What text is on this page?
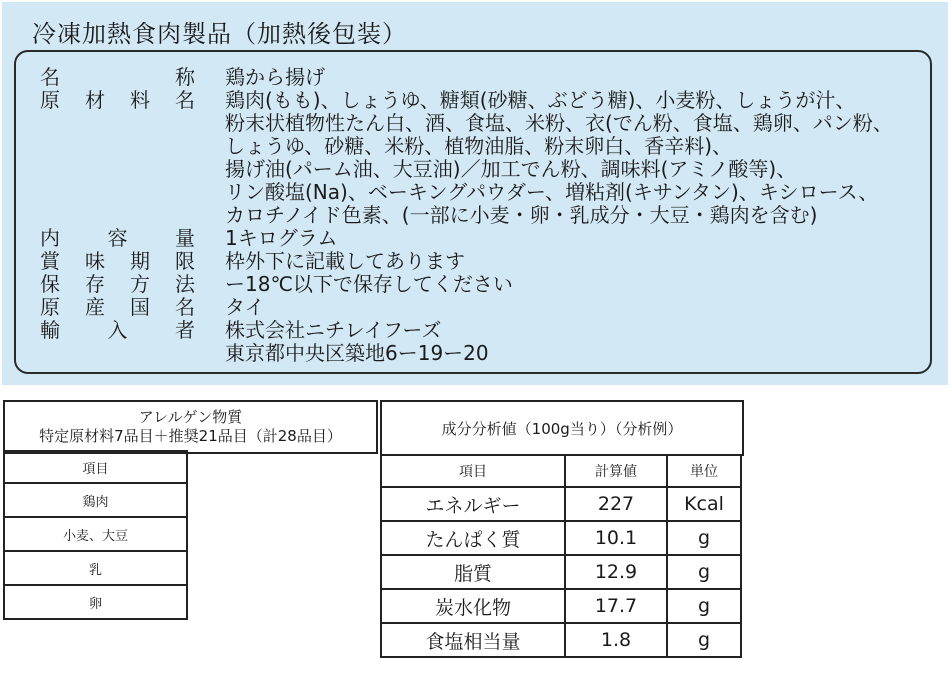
冷凍加熱食肉製品（加熱後包装）
名	称 鶏から揚げ
原 材 料 名 鶏肉(もも)、しょうゆ、糖類(砂糖、ぶどう糖)、小麦粉、しょうが汁、
粉末状植物性たん白、酒、食塩、米粉、衣(でん粉、食塩、鶏卵、パン粉、
しょうゆ、砂糖、米粉、植物油脂、粉末卵白、香辛料)、
揚げ油(パーム油、大豆油)／加工でん粉、調味料(アミノ酸等)、
リン酸塩(Na)、ベーキングパウダー、増粘剤(キサンタン)、キシロース、
カロチノイド色素、(一部に小麦・卵・乳成分・大豆・鶏肉を含む)
内 容 量 1キログラム
賞 味 期 限 枠外下に記載してあります
保 存 方 法 ー18℃以下で保存してください
原 産 国 名 タイ
輸 入 者 株式会社ニチレイフーズ
東京都中央区築地6ー19ー20
アレルゲン物質
特定原材料7品目＋推奨21品目（計28品目）
項目
鶏肉
小麦、大豆
乳
卵
成分分析値（100g当り）（分析例）
項目	計算値	単位
エネルギー	227	Kcal
たんぱく質	10.1	g
脂質	12.9	g
炭水化物	17.7	g
食塩相当量	1.8	g
